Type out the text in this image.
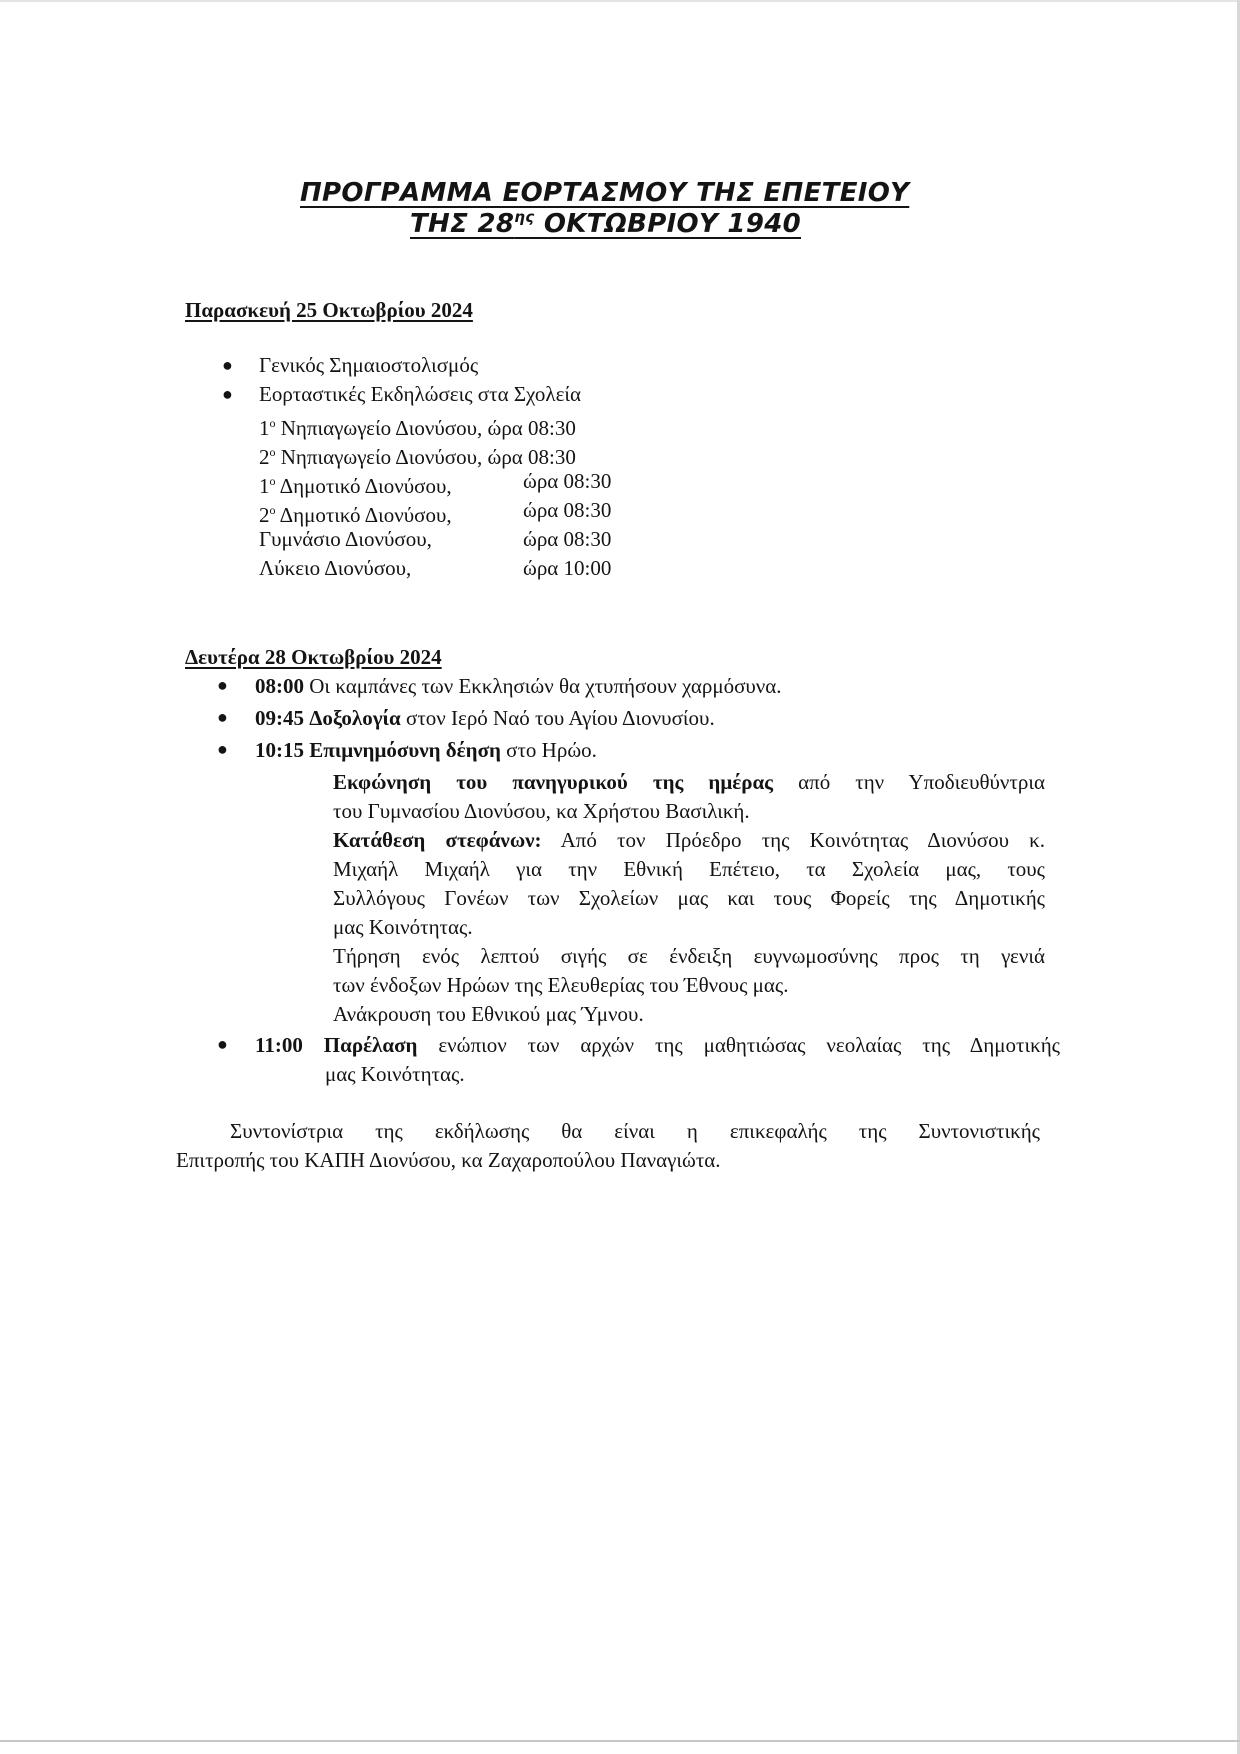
ΠΡΟΓΡΑΜΜΑ ΕΟΡΤΑΣΜΟΥ ΤΗΣ ΕΠΕΤΕΙΟΥ
ΤΗΣ $28^{\eta\varsigma}$ ΟΚΤΩΒΡΙΟΥ 1940
Παρασκευή 25 Οκτωβρίου 2024
● Γενικός Σημαιοστολισμός
● Εορταστικές Εκδηλώσεις στα Σχολεία
$1^o$ Νηπιαγωγείο Διονύσου, ώρα 08:30
$2^o$ Νηπιαγωγείο Διονύσου, ώρα 08:30
$1^o$ Δημοτικό Διονύσου,	ώρα 08:30
$2^o$ Δημοτικό Διονύσου,	ώρα 08:30
Γυμνάσιο Διονύσου,	ώρα 08:30
Λύκειο Διονύσου,	ώρα 10:00
Δευτέρα 28 Οκτωβρίου 2024
● 08:00 Οι καμπάνες των Εκκλησιών θα χτυπήσουν χαρμόσυνα.
● 09:45 Δοξολογία στον Ιερό Ναό του Αγίου Διονυσίου.
● 10:15 Επιμνημόσυνη δέηση στο Ηρώο.
Εκφώνηση του πανηγυρικού της ημέρας από την Υποδιευθύντρια
του Γυμνασίου Διονύσου, κα Χρήστου Βασιλική.
Κατάθεση στεφάνων: Από τον Πρόεδρο της Κοινότητας Διονύσου κ.
Μιχαήλ Μιχαήλ για την Εθνική Επέτειο, τα Σχολεία μας, τους
Συλλόγους Γονέων των Σχολείων μας και τους Φορείς της Δημοτικής
μας Κοινότητας.
Τήρηση ενός λεπτού σιγής σε ένδειξη ευγνωμοσύνης προς τη γενιά
των ένδοξων Ηρώων της Ελευθερίας του Έθνους μας.
Ανάκρουση του Εθνικού μας Ύμνου.
● 11:00 Παρέλαση ενώπιον των αρχών της μαθητιώσας νεολαίας της Δημοτικής
μας Κοινότητας.
Συντονίστρια της εκδήλωσης θα είναι η επικεφαλής της Συντονιστικής
Επιτροπής του ΚΑΠΗ Διονύσου, κα Ζαχαροπούλου Παναγιώτα.
